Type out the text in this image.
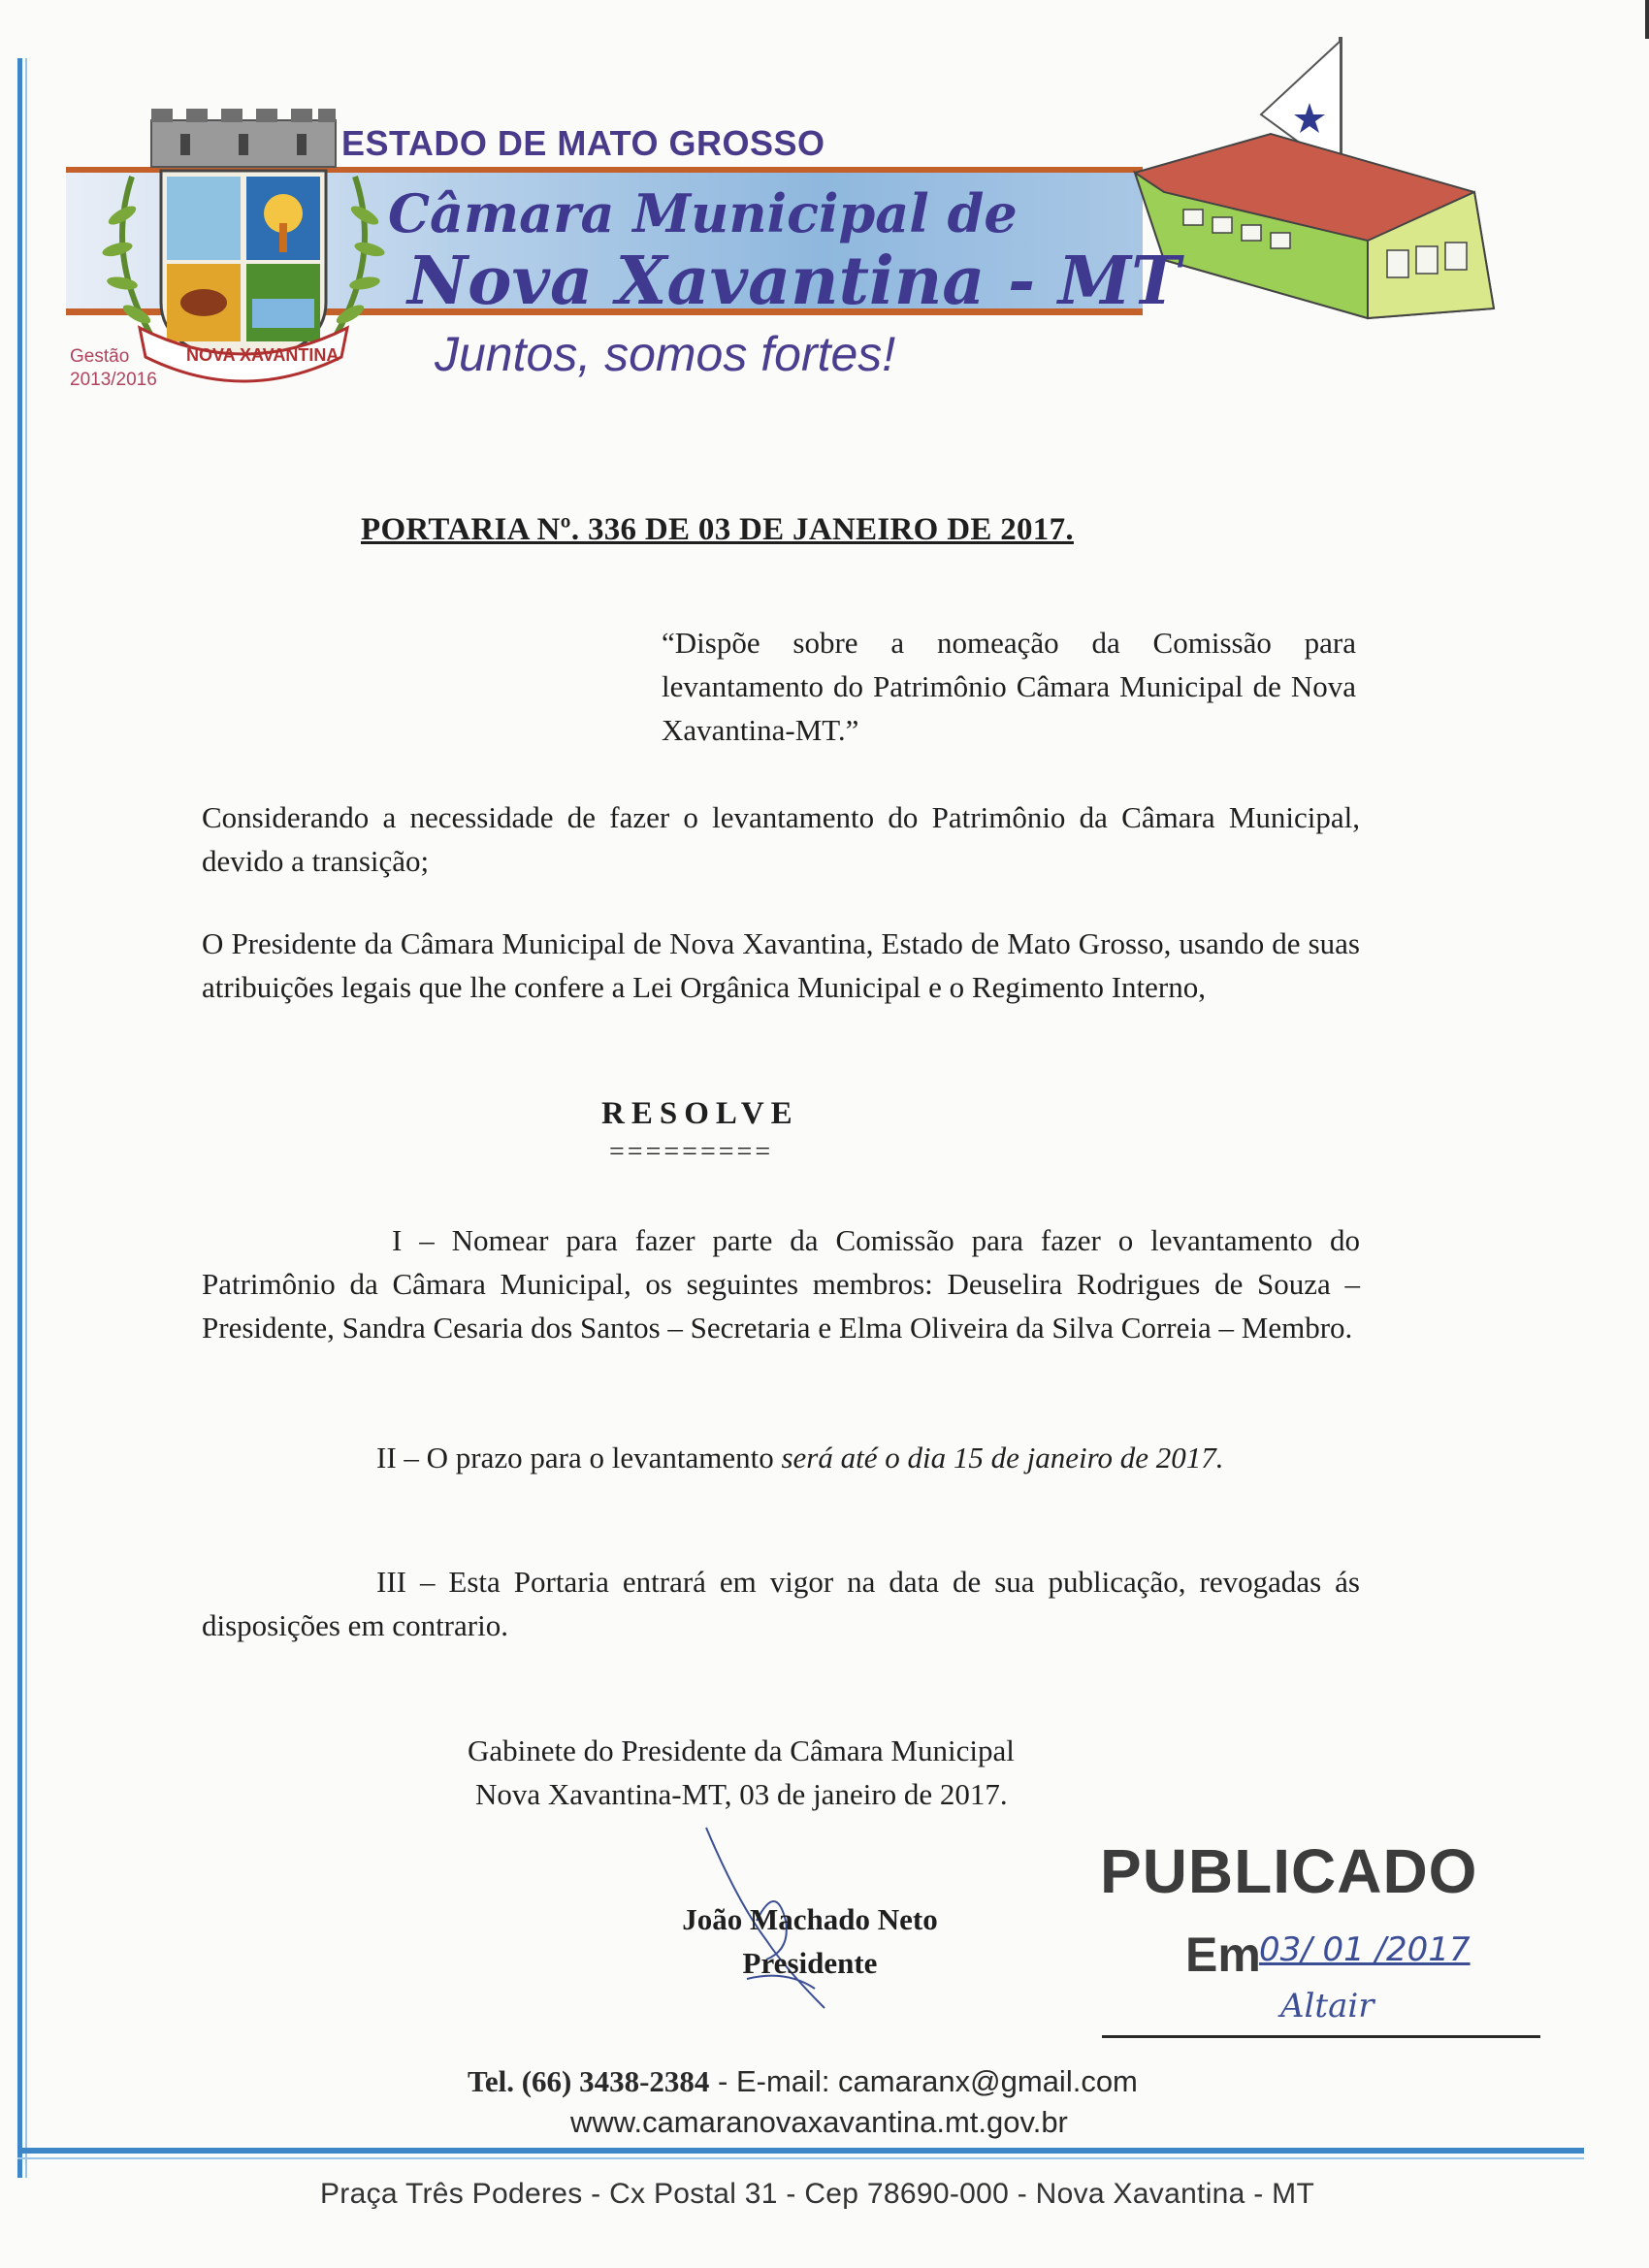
NOVA XAVANTINA
ESTADO DE MATO GROSSO
Câmara Municipal de
Nova Xavantina - MT
Juntos, somos fortes!
Gestão
2013/2016
PORTARIA Nº. 336 DE 03 DE JANEIRO DE 2017.
“Dispõe sobre a nomeação da Comissão para levantamento do Patrimônio Câmara Municipal de Nova Xavantina-MT.”
Considerando a necessidade de fazer o levantamento do Patrimônio da Câmara Municipal, devido a transição;
O Presidente da Câmara Municipal de Nova Xavantina, Estado de Mato Grosso, usando de suas atribuições legais que lhe confere a Lei Orgânica Municipal e o Regimento Interno,
RESOLVE
=========
I – Nomear para fazer parte da Comissão para fazer o levantamento do Patrimônio da Câmara Municipal, os seguintes membros: Deuselira Rodrigues de Souza – Presidente, Sandra Cesaria dos Santos – Secretaria e Elma Oliveira da Silva Correia – Membro.
II – O prazo para o levantamento será até o dia 15 de janeiro de 2017.
III – Esta Portaria entrará em vigor na data de sua publicação, revogadas ás disposições em contrario.
Gabinete do Presidente da Câmara Municipal
Nova Xavantina-MT, 03 de janeiro de 2017.
João Machado Neto
Presidente
PUBLICADO
Em
03/ 01 /2017
Altair
Tel. (66) 3438-2384 - E-mail: camaranx@gmail.com
www.camaranovaxavantina.mt.gov.br
Praça Três Poderes - Cx Postal 31 - Cep 78690-000 - Nova Xavantina - MT
